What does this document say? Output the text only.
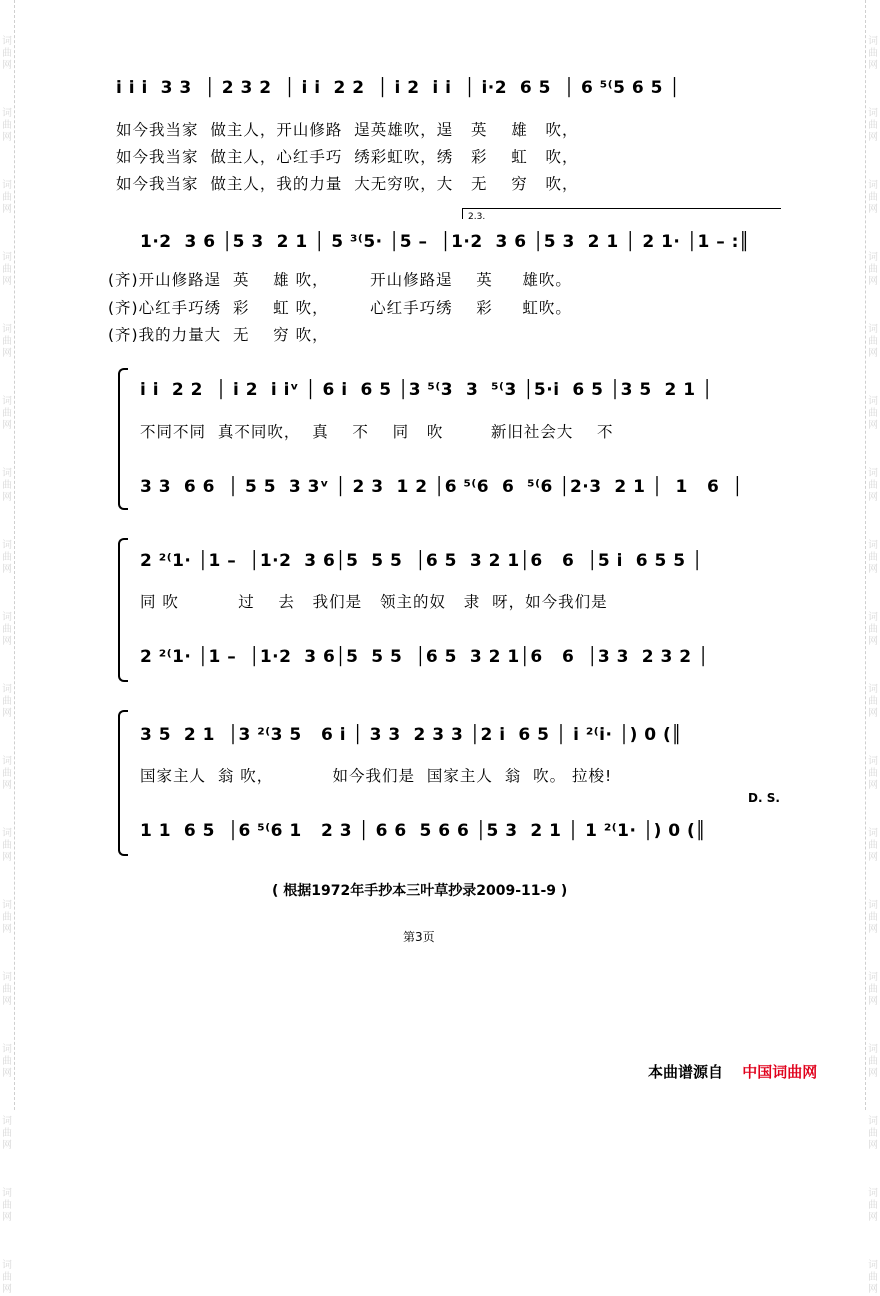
词曲网
词曲网
词曲网
词曲网
词曲网
词曲网
词曲网
词曲网
词曲网
词曲网
词曲网
词曲网
词曲网
词曲网
词曲网
词曲网
词曲网
词曲网
词曲网
词曲网
词曲网
词曲网
词曲网
词曲网
词曲网
词曲网
词曲网
词曲网
词曲网
词曲网
词曲网
词曲网
词曲网
词曲网
词曲网
词曲网
i̇ i̇ i̇  3 3  │ 2 3 2  │ i̇ i̇  2 2  │ i̇ 2  i̇ i̇  │ i̇·2  6 5  │ 6 ⁵⁽5 6 5 │
如今我当家  做主人，开山修路  逞英雄吹，逞   英    雄   吹，
如今我当家  做主人，心红手巧  绣彩虹吹，绣   彩    虹   吹，
如今我当家  做主人，我的力量  大无穷吹，大   无    穷   吹，
2.3.
1·2  3 6 │5 3  2 1 │ 5 ³⁽5· │5 –  │1·2  3 6 │5 3  2 1 │ 2 1· │1 – :║
(齐)开山修路逞  英    雄 吹，       开山修路逞    英     雄吹。
(齐)心红手巧绣  彩    虹 吹，       心红手巧绣    彩     虹吹。
(齐)我的力量大  无    穷 吹，
i̇ i̇  2 2  │ i̇ 2  i̇ i̇ᵛ │ 6 i̇  6 5 │3 ⁵⁽3  3  ⁵⁽3 │5·i̇  6 5 │3 5  2 1 │
不同不同  真不同吹，  真    不    同   吹        新旧社会大    不
3 3  6 6  │ 5 5  3 3ᵛ │ 2 3  1 2 │6 ⁵⁽6  6  ⁵⁽6 │2·3  2 1 │  1   6  │
2 ²⁽1· │1 –  │1·2  3 6│5  5 5  │6 5  3 2 1│6   6  │5 i̇  6 5 5 │
同 吹          过    去   我们是   领主的奴   隶  呀，如今我们是
2 ²⁽1· │1 –  │1·2  3 6│5  5 5  │6 5  3 2 1│6   6  │3 3  2 3 2 │
3 5  2 1  │3 ²⁽3 5   6 i̇ │ 3 3  2 3 3 │2 i̇  6 5 │ i̇ ²⁽i̇· │) 0 (║
国家主人  翁 吹，          如今我们是  国家主人  翁  吹。 拉梭!
D. S.
1 1  6 5  │6 ⁵⁽6 1   2 3 │ 6 6  5 6 6 │5 3  2 1 │ 1 ²⁽1· │) 0 (║
( 根据1972年手抄本三叶草抄录2009-11-9 )
第3页
本曲谱源自 中国词曲网
